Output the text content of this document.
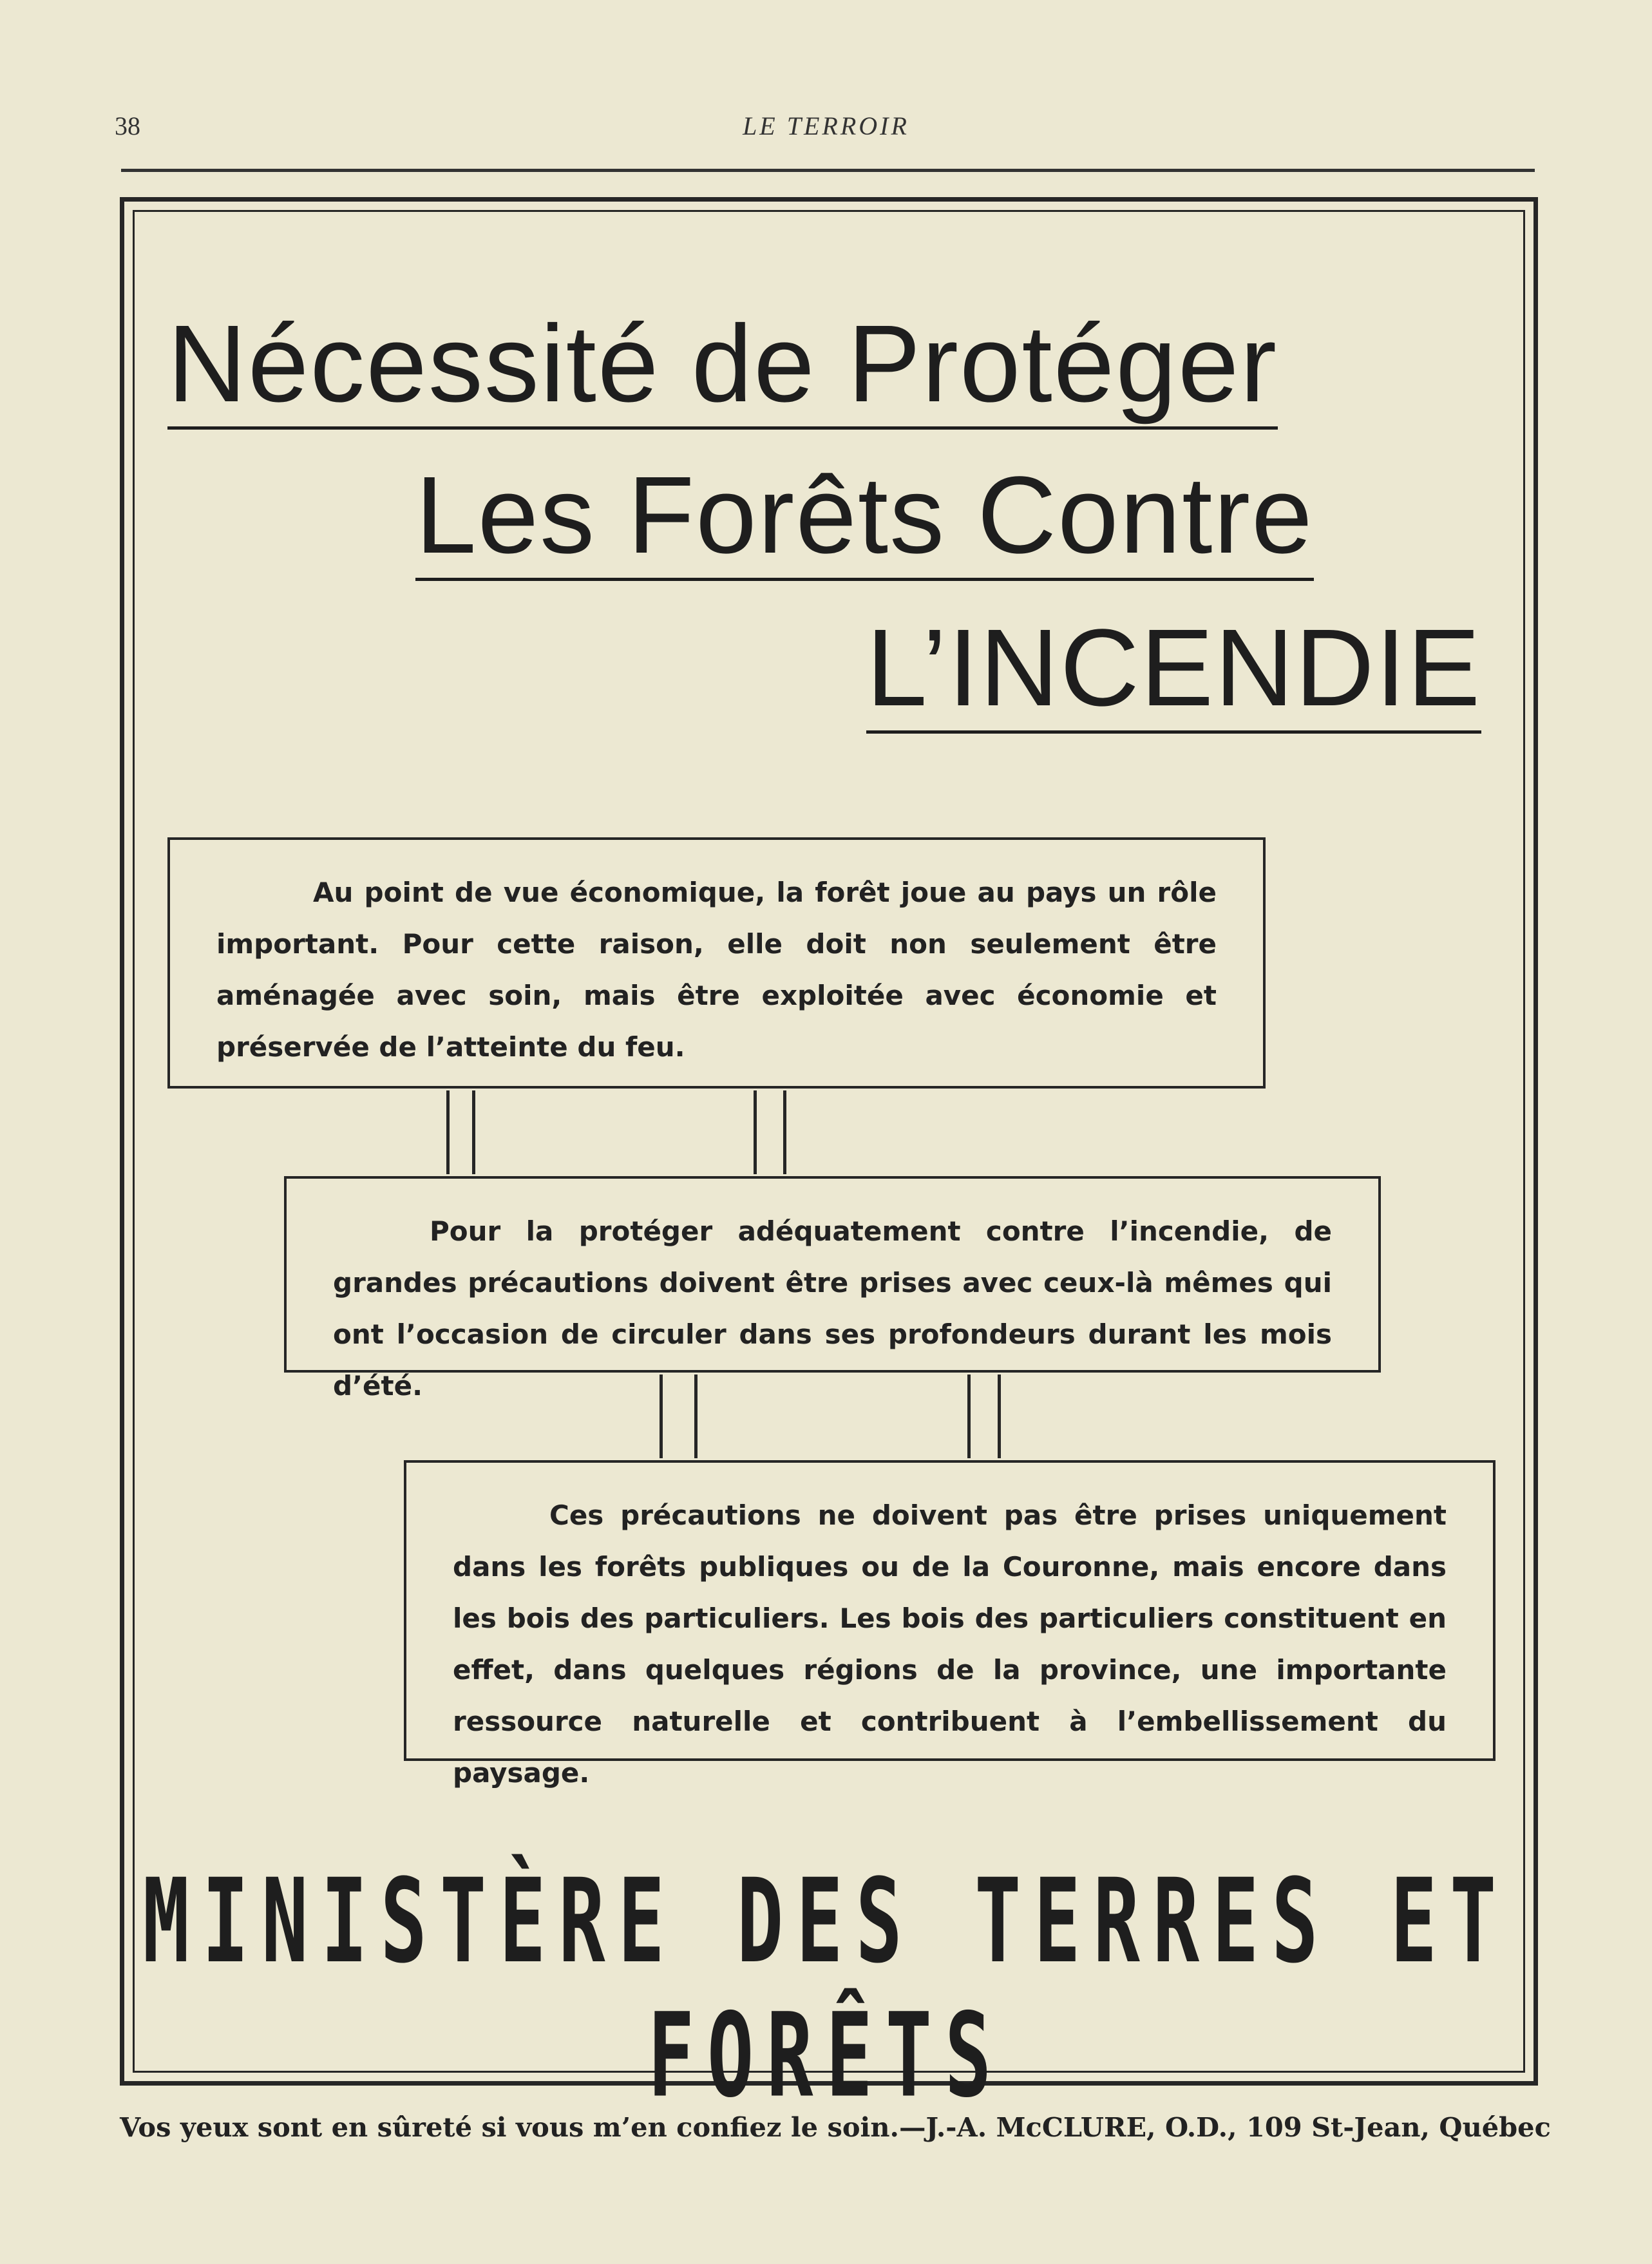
38	LE TERROIR
Nécessité de Protéger
Les Forêts Contre
L’INCENDIE

Au point de vue économique, la forêt joue au pays un rôle important. Pour cette raison, elle doit non seulement être aménagée avec soin, mais être exploitée avec économie et préservée de l’atteinte du feu.

Pour la protéger adéquatement contre l’incendie, de grandes précautions doivent être prises avec ceux-là mêmes qui ont l’occasion de circuler dans ses profondeurs durant les mois d’été.

Ces précautions ne doivent pas être prises uniquement dans les forêts publiques ou de la Couronne, mais encore dans les bois des particuliers. Les bois des particuliers constituent en effet, dans quelques régions de la province, une importante ressource naturelle et contribuent à l’embellissement du paysage.

MINISTÈRE DES TERRES ET FORÊTS
Vos yeux sont en sûreté si vous m’en confiez le soin.—J.-A. McCLURE, O.D., 109 St-Jean, Québec
